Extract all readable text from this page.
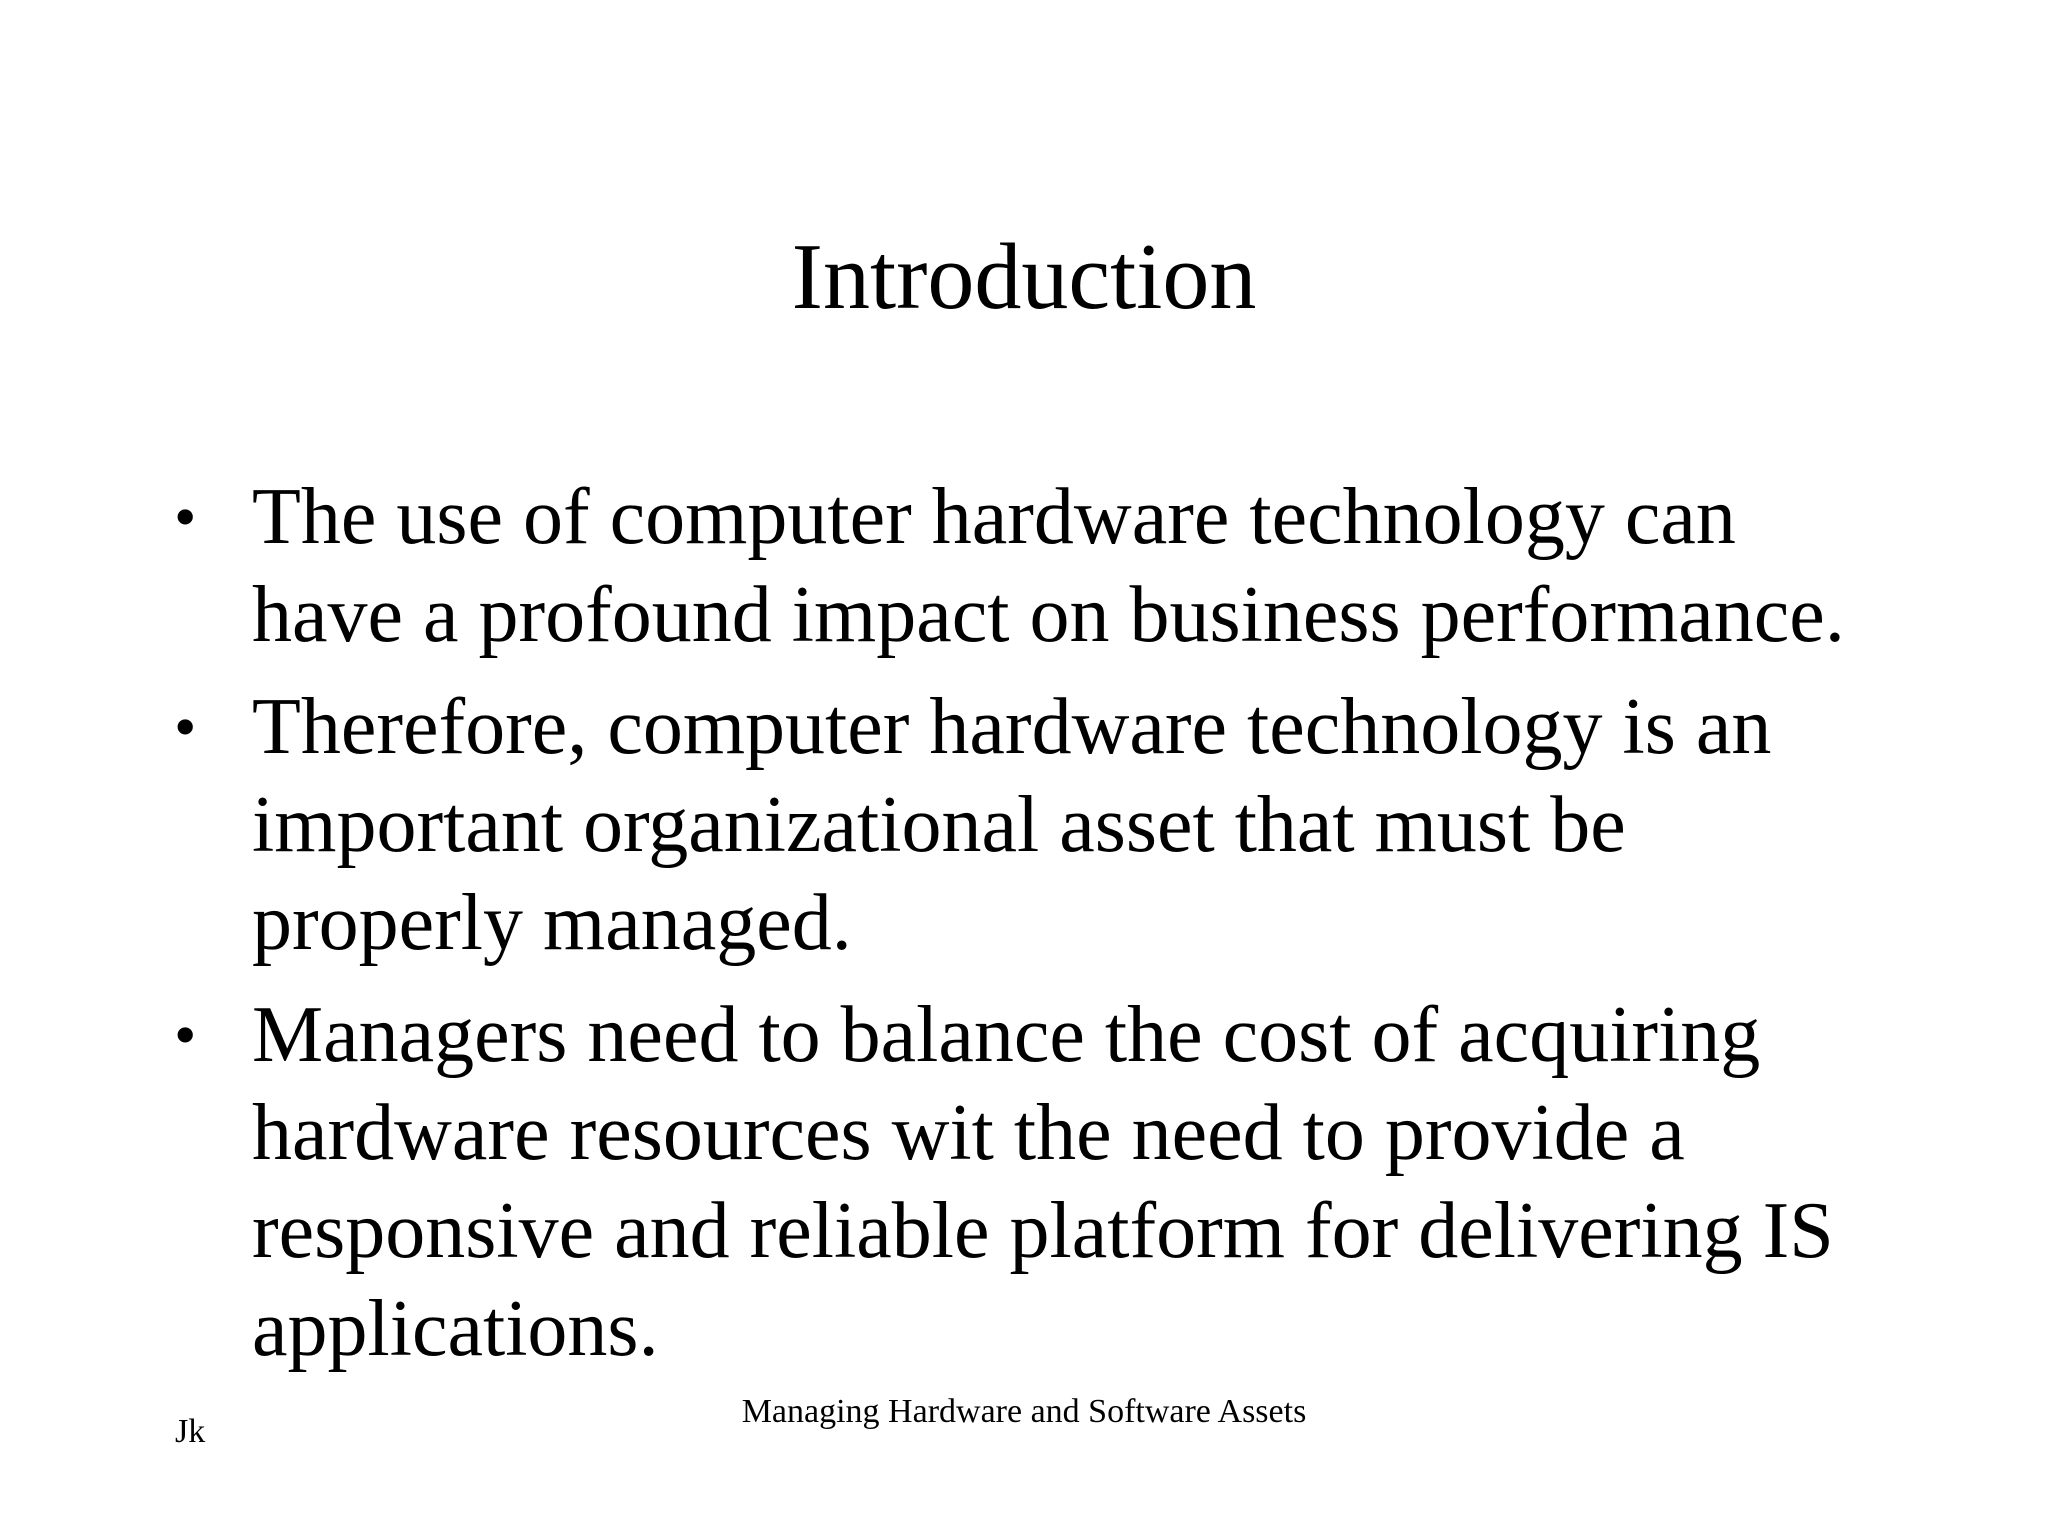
Introduction
• The use of computer hardware technology can have a profound impact on business performance.
• Therefore, computer hardware technology is an important organizational asset that must be properly managed.
• Managers need to balance the cost of acquiring hardware resources wit the need to provide a responsive and reliable platform for delivering IS applications.
Managing Hardware and Software Assets
Jk
